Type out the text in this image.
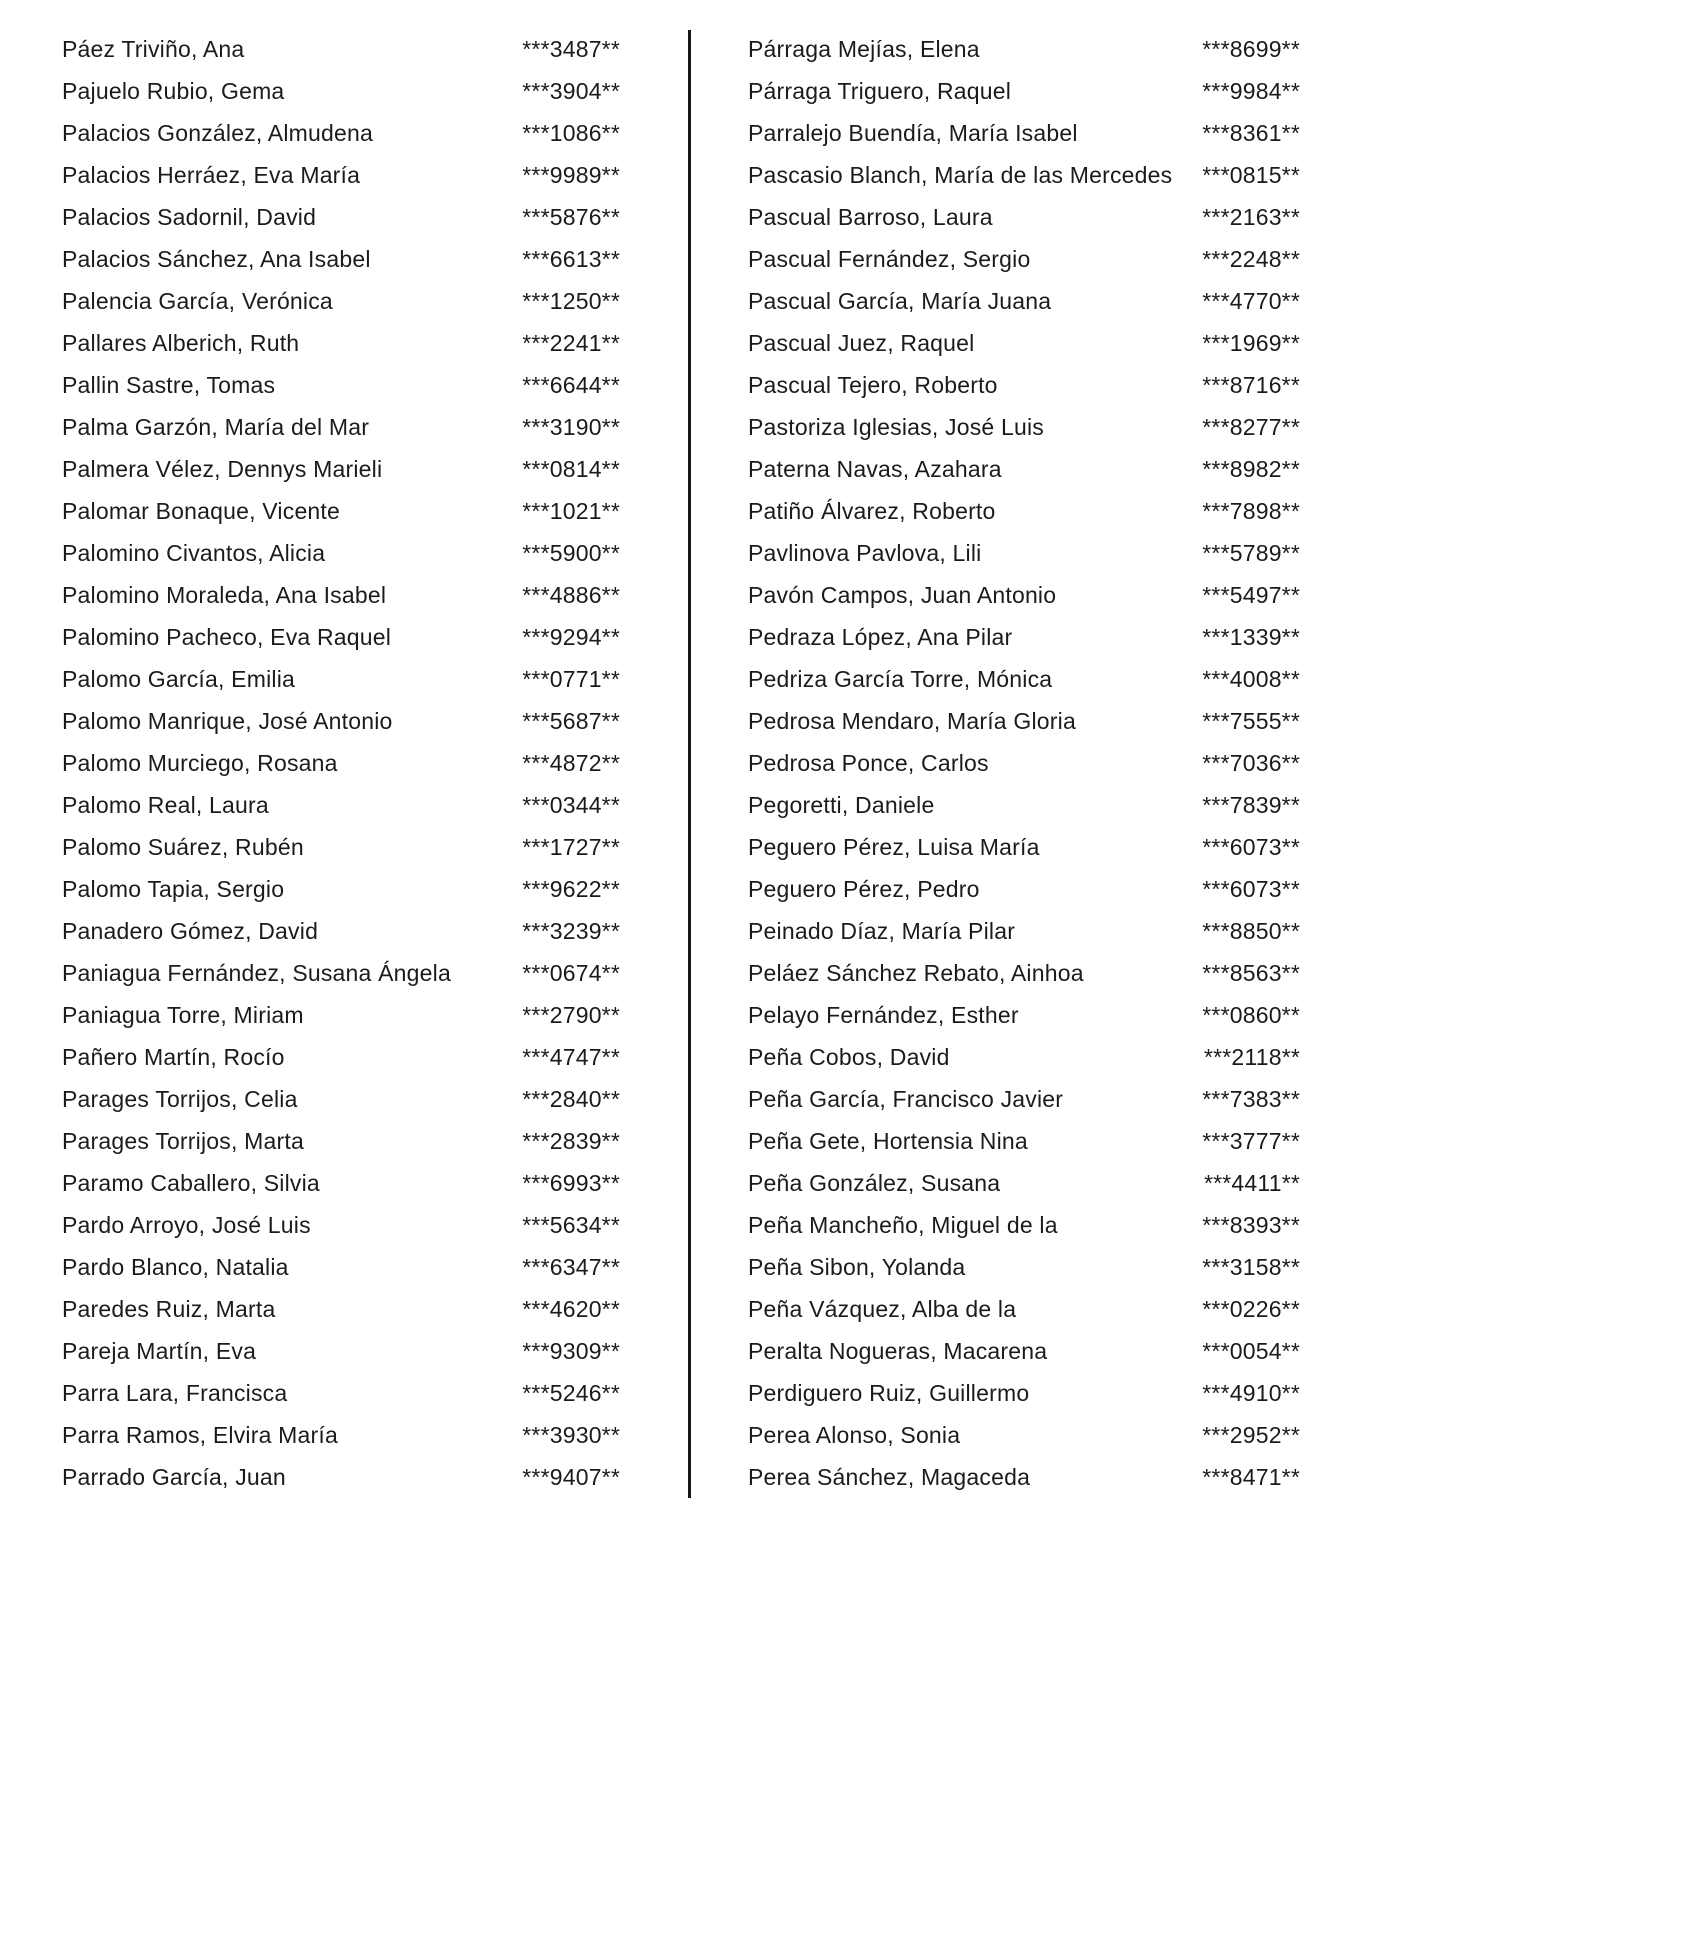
Páez Triviño, Ana	***3487**
Pajuelo Rubio, Gema	***3904**
Palacios González, Almudena	***1086**
Palacios Herráez, Eva María	***9989**
Palacios Sadornil, David	***5876**
Palacios Sánchez, Ana Isabel	***6613**
Palencia García, Verónica	***1250**
Pallares Alberich, Ruth	***2241**
Pallin Sastre, Tomas	***6644**
Palma Garzón, María del Mar	***3190**
Palmera Vélez, Dennys Marieli	***0814**
Palomar Bonaque, Vicente	***1021**
Palomino Civantos, Alicia	***5900**
Palomino Moraleda, Ana Isabel	***4886**
Palomino Pacheco, Eva Raquel	***9294**
Palomo García, Emilia	***0771**
Palomo Manrique, José Antonio	***5687**
Palomo Murciego, Rosana	***4872**
Palomo Real, Laura	***0344**
Palomo Suárez, Rubén	***1727**
Palomo Tapia, Sergio	***9622**
Panadero Gómez, David	***3239**
Paniagua Fernández, Susana Ángela	***0674**
Paniagua Torre, Miriam	***2790**
Pañero Martín, Rocío	***4747**
Parages Torrijos, Celia	***2840**
Parages Torrijos, Marta	***2839**
Paramo Caballero, Silvia	***6993**
Pardo Arroyo, José Luis	***5634**
Pardo Blanco, Natalia	***6347**
Paredes Ruiz, Marta	***4620**
Pareja Martín, Eva	***9309**
Parra Lara, Francisca	***5246**
Parra Ramos, Elvira María	***3930**
Parrado García, Juan	***9407**
Párraga Mejías, Elena	***8699**
Párraga Triguero, Raquel	***9984**
Parralejo Buendía, María Isabel	***8361**
Pascasio Blanch, María de las Mercedes ***0815**
Pascual Barroso, Laura	***2163**
Pascual Fernández, Sergio	***2248**
Pascual García, María Juana	***4770**
Pascual Juez, Raquel	***1969**
Pascual Tejero, Roberto	***8716**
Pastoriza Iglesias, José Luis	***8277**
Paterna Navas, Azahara	***8982**
Patiño Álvarez, Roberto	***7898**
Pavlinova Pavlova, Lili	***5789**
Pavón Campos, Juan Antonio	***5497**
Pedraza López, Ana Pilar	***1339**
Pedriza García Torre, Mónica	***4008**
Pedrosa Mendaro, María Gloria	***7555**
Pedrosa Ponce, Carlos	***7036**
Pegoretti, Daniele	***7839**
Peguero Pérez, Luisa María	***6073**
Peguero Pérez, Pedro	***6073**
Peinado Díaz, María Pilar	***8850**
Peláez Sánchez Rebato, Ainhoa	***8563**
Pelayo Fernández, Esther	***0860**
Peña Cobos, David	***2118**
Peña García, Francisco Javier	***7383**
Peña Gete, Hortensia Nina	***3777**
Peña González, Susana	***4411**
Peña Mancheño, Miguel de la	***8393**
Peña Sibon, Yolanda	***3158**
Peña Vázquez, Alba de la	***0226**
Peralta Nogueras, Macarena	***0054**
Perdiguero Ruiz, Guillermo	***4910**
Perea Alonso, Sonia	***2952**
Perea Sánchez, Magaceda	***8471**
